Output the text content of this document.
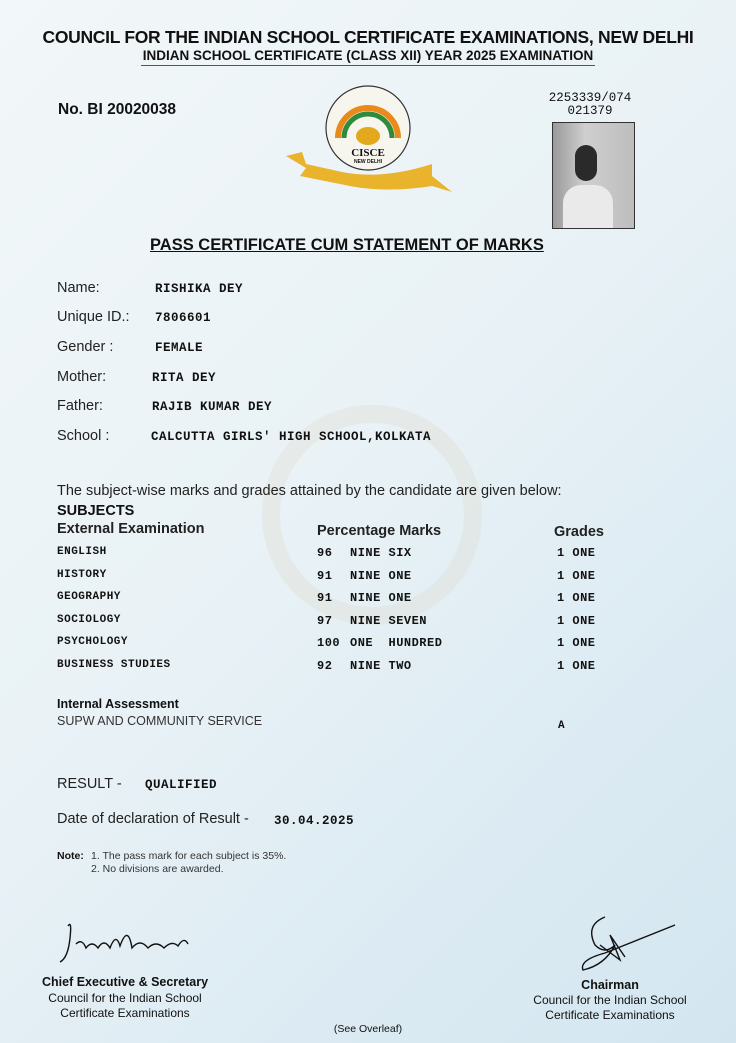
COUNCIL FOR THE INDIAN SCHOOL CERTIFICATE EXAMINATIONS, NEW DELHI
INDIAN SCHOOL CERTIFICATE (CLASS XII) YEAR 2025 EXAMINATION
No. BI 20020038
CISCE
NEW DELHI
2253339/074
021379
PASS CERTIFICATE CUM STATEMENT OF MARKS
Name:	RISHIKA DEY
Unique ID.: 7806601
Gender :	FEMALE
Mother:	RITA DEY
Father:	RAJIB KUMAR DEY
School :	CALCUTTA GIRLS' HIGH SCHOOL,KOLKATA
The subject-wise marks and grades attained by the candidate are given below:
SUBJECTS
External Examination	Percentage Marks	Grades
ENGLISH	96 NINE SIX	1 ONE
HISTORY	91 NINE ONE	1 ONE
GEOGRAPHY	91 NINE ONE	1 ONE
SOCIOLOGY	97 NINE SEVEN	1 ONE
PSYCHOLOGY	100 ONE  HUNDRED	1 ONE
BUSINESS STUDIES	92 NINE TWO	1 ONE
Internal Assessment
SUPW AND COMMUNITY SERVICE	A
RESULT - QUALIFIED
Date of declaration of Result - 30.04.2025
Note: 1. The pass mark for each subject is 35%.
2. No divisions are awarded.
Chief Executive & Secretary
Council for the Indian School
Certificate Examinations
Chairman
Council for the Indian School
Certificate Examinations
(See Overleaf)
